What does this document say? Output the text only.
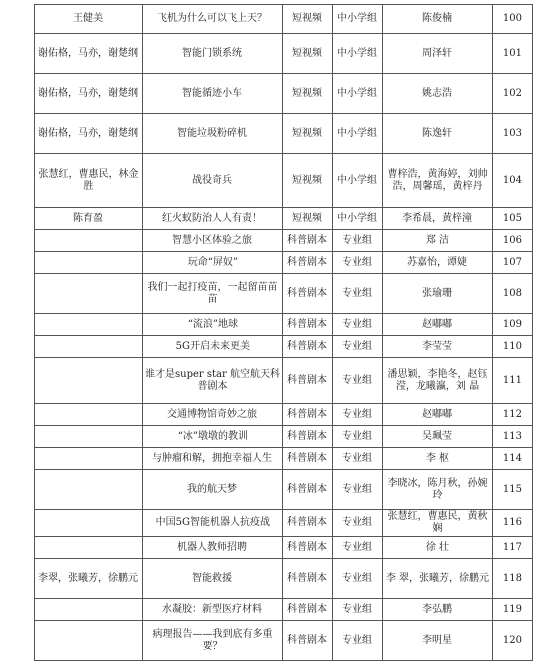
100	陈俊楠	中小学组	短视频	飞机为什么可以飞上天？	王健美
101	周泽轩	中小学组	短视频	智能门锁系统	谢佑格，马亦，谢楚纲
102	姚志浩	中小学组	短视频	智能循迹小车	谢佑格，马亦，谢楚纲
103	陈逸轩	中小学组	短视频	智能垃圾粉碎机	谢佑格，马亦，谢楚纲
104	曹梓浩，黄海婷，刘帅浩，周馨瑶，黄梓丹	中小学组	短视频	战役奇兵	张慧红，曹惠民，林金胜
105	李希晨，黄梓潼	中小学组	短视频	红火蚁防治人人有责！	陈育盈
106	郑 洁	专业组	科普剧本	智慧小区体验之旅	
107	苏嘉怡，谭婕	专业组	科普剧本	玩命“屏奴”	
108	张瑜珊	专业组	科普剧本	我们一起打疫苗，一起留苗苗苗	
109	赵嘟嘟	专业组	科普剧本	“流浪”地球	
110	李莹莹	专业组	科普剧本	5G开启未来更美	
111	潘思颖，李艳冬，赵钰滢，龙曦瀛，刘 晶	专业组	科普剧本	谁才是super star 航空航天科普剧本	
112	赵嘟嘟	专业组	科普剧本	交通博物馆奇妙之旅	
113	吴珮莹	专业组	科普剧本	“冰”墩墩的教训	
114	李 枢	专业组	科普剧本	与肿瘤和解，拥抱幸福人生	
115	李晓冰，陈月秋，孙婉玲	专业组	科普剧本	我的航天梦	
116	张慧红，曹惠民，黄秋娴	专业组	科普剧本	中国5G智能机器人抗疫战	
117	徐 壮	专业组	科普剧本	机器人教师招聘	
118	李 翠，张曦芳，徐鹏元	专业组	科普剧本	智能救援	李翠，张曦芳，徐鹏元
119	李弘鹏	专业组	科普剧本	水凝胶：新型医疗材料	
120	李明星	专业组	科普剧本	病理报告——我到底有多重要？	
